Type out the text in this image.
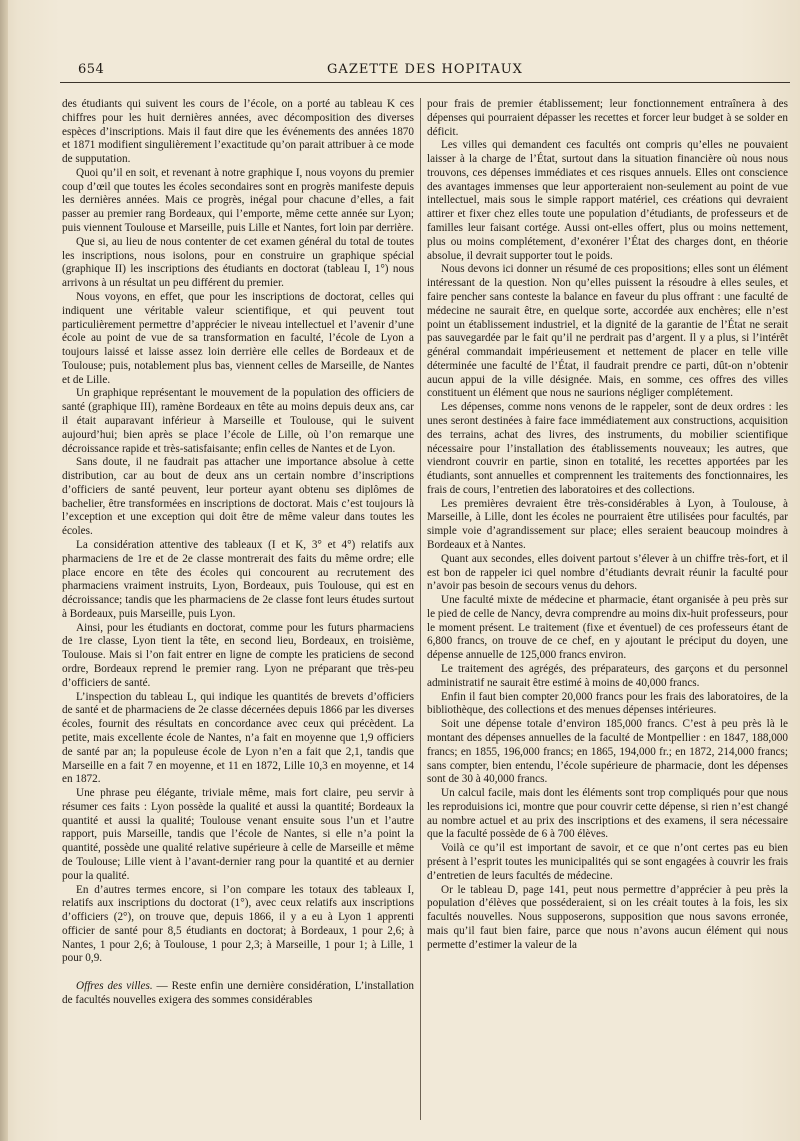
654	GAZETTE DES HOPITAUX

des étudiants qui suivent les cours de l’école, on a porté au tableau K ces chiffres pour les huit dernières années, avec décomposition des diverses espèces d’inscriptions. Mais il faut dire que les événements des années 1870 et 1871 modifient singulièrement l’exactitude qu’on parait attribuer à ce mode de supputation.

Quoi qu’il en soit, et revenant à notre graphique I, nous voyons du premier coup d’œil que toutes les écoles secondaires sont en progrès manifeste depuis les dernières années. Mais ce progrès, inégal pour chacune d’elles, a fait passer au premier rang Bordeaux, qui l’emporte, même cette année sur Lyon; puis viennent Toulouse et Marseille, puis Lille et Nantes, fort loin par derrière.

Que si, au lieu de nous contenter de cet examen général du total de toutes les inscriptions, nous isolons, pour en construire un graphique spécial (graphique II) les inscriptions des étudiants en doctorat (tableau I, 1°) nous arrivons à un résultat un peu différent du premier.

Nous voyons, en effet, que pour les inscriptions de doctorat, celles qui indiquent une véritable valeur scientifique, et qui peuvent tout particulièrement permettre d’apprécier le niveau intellectuel et l’avenir d’une école au point de vue de sa transformation en faculté, l’école de Lyon a toujours laissé et laisse assez loin derrière elle celles de Bordeaux et de Toulouse; puis, notablement plus bas, viennent celles de Marseille, de Nantes et de Lille.

Un graphique représentant le mouvement de la population des officiers de santé (graphique III), ramène Bordeaux en tête au moins depuis deux ans, car il était auparavant inférieur à Marseille et Toulouse, qui le suivent aujourd’hui; bien après se place l’école de Lille, où l’on remarque une décroissance rapide et très-satisfaisante; enfin celles de Nantes et de Lyon.

Sans doute, il ne faudrait pas attacher une importance absolue à cette distribution, car au bout de deux ans un certain nombre d’inscriptions d’officiers de santé peuvent, leur porteur ayant obtenu ses diplômes de bachelier, être transformées en inscriptions de doctorat. Mais c’est toujours là l’exception et une exception qui doit être de même valeur dans toutes les écoles.

La considération attentive des tableaux (I et K, 3° et 4°) relatifs aux pharmaciens de 1re et de 2e classe montrerait des faits du même ordre; elle place encore en tête des écoles qui concourent au recrutement des pharmaciens vraiment instruits, Lyon, Bordeaux, puis Toulouse, qui est en décroissance; tandis que les pharmaciens de 2e classe font leurs études surtout à Bordeaux, puis Marseille, puis Lyon.

Ainsi, pour les étudiants en doctorat, comme pour les futurs pharmaciens de 1re classe, Lyon tient la tête, en second lieu, Bordeaux, en troisième, Toulouse. Mais si l’on fait entrer en ligne de compte les praticiens de second ordre, Bordeaux reprend le premier rang. Lyon ne préparant que très-peu d’officiers de santé.

L’inspection du tableau L, qui indique les quantités de brevets d’officiers de santé et de pharmaciens de 2e classe décernées depuis 1866 par les diverses écoles, fournit des résultats en concordance avec ceux qui précèdent. La petite, mais excellente école de Nantes, n’a fait en moyenne que 1,9 officiers de santé par an; la populeuse école de Lyon n’en a fait que 2,1, tandis que Marseille en a fait 7 en moyenne, et 11 en 1872, Lille 10,3 en moyenne, et 14 en 1872.

Une phrase peu élégante, triviale même, mais fort claire, peu servir à résumer ces faits : Lyon possède la qualité et aussi la quantité; Bordeaux la quantité et aussi la qualité; Toulouse venant ensuite sous l’un et l’autre rapport, puis Marseille, tandis que l’école de Nantes, si elle n’a point la quantité, possède une qualité relative supérieure à celle de Marseille et même de Toulouse; Lille vient à l’avant-dernier rang pour la quantité et au dernier pour la qualité.

En d’autres termes encore, si l’on compare les totaux des tableaux I, relatifs aux inscriptions du doctorat (1°), avec ceux relatifs aux inscriptions d’officiers (2°), on trouve que, depuis 1866, il y a eu à Lyon 1 apprenti officier de santé pour 8,5 étudiants en doctorat; à Bordeaux, 1 pour 2,6; à Nantes, 1 pour 2,6; à Toulouse, 1 pour 2,3; à Marseille, 1 pour 1; à Lille, 1 pour 0,9.

Offres des villes. — Reste enfin une dernière considération, L’installation de facultés nouvelles exigera des sommes considérables

pour frais de premier établissement; leur fonctionnement entraînera à des dépenses qui pourraient dépasser les recettes et forcer leur budget à se solder en déficit.

Les villes qui demandent ces facultés ont compris qu’elles ne pouvaient laisser à la charge de l’État, surtout dans la situation financière où nous nous trouvons, ces dépenses immédiates et ces risques annuels. Elles ont conscience des avantages immenses que leur apporteraient non-seulement au point de vue intellectuel, mais sous le simple rapport matériel, ces créations qui devraient attirer et fixer chez elles toute une population d’étudiants, de professeurs et de familles leur faisant cortége. Aussi ont-elles offert, plus ou moins nettement, plus ou moins complétement, d’exonérer l’État des charges dont, en théorie absolue, il devrait supporter tout le poids.

Nous devons ici donner un résumé de ces propositions; elles sont un élément intéressant de la question. Non qu’elles puissent la résoudre à elles seules, et faire pencher sans conteste la balance en faveur du plus offrant : une faculté de médecine ne saurait être, en quelque sorte, accordée aux enchères; elle n’est point un établissement industriel, et la dignité de la garantie de l’État ne serait pas sauvegardée par le fait qu’il ne perdrait pas d’argent. Il y a plus, si l’intérêt général commandait impérieusement et nettement de placer en telle ville déterminée une faculté de l’État, il faudrait prendre ce parti, dût-on n’obtenir aucun appui de la ville désignée. Mais, en somme, ces offres des villes constituent un élément que nous ne saurions négliger complétement.

Les dépenses, comme nons venons de le rappeler, sont de deux ordres : les unes seront destinées à faire face immédiatement aux constructions, acquisition des terrains, achat des livres, des instruments, du mobilier scientifique nécessaire pour l’installation des établissements nouveaux; les autres, que viendront couvrir en partie, sinon en totalité, les recettes apportées par les étudiants, sont annuelles et comprennent les traitements des fonctionnaires, les frais de cours, l’entretien des laboratoires et des collections.

Les premières devraient être très-considérables à Lyon, à Toulouse, à Marseille, à Lille, dont les écoles ne pourraient être utilisées pour facultés, par simple voie d’agrandissement sur place; elles seraient beaucoup moindres à Bordeaux et à Nantes.

Quant aux secondes, elles doivent partout s’élever à un chiffre très-fort, et il est bon de rappeler ici quel nombre d’étudiants devrait réunir la faculté pour n’avoir pas besoin de secours venus du dehors.

Une faculté mixte de médecine et pharmacie, étant organisée à peu près sur le pied de celle de Nancy, devra comprendre au moins dix-huit professeurs, pour le moment présent. Le traitement (fixe et éventuel) de ces professeurs étant de 6,800 francs, on trouve de ce chef, en y ajoutant le préciput du doyen, une dépense annuelle de 125,000 francs environ.

Le traitement des agrégés, des préparateurs, des garçons et du personnel administratif ne saurait être estimé à moins de 40,000 francs.

Enfin il faut bien compter 20,000 francs pour les frais des laboratoires, de la bibliothèque, des collections et des menues dépenses intérieures.

Soit une dépense totale d’environ 185,000 francs. C’est à peu près là le montant des dépenses annuelles de la faculté de Montpellier : en 1847, 188,000 francs; en 1855, 196,000 francs; en 1865, 194,000 fr.; en 1872, 214,000 francs; sans compter, bien entendu, l’école supérieure de pharmacie, dont les dépenses sont de 30 à 40,000 francs.

Un calcul facile, mais dont les éléments sont trop compliqués pour que nous les reproduisions ici, montre que pour couvrir cette dépense, si rien n’est changé au nombre actuel et au prix des inscriptions et des examens, il sera nécessaire que la faculté possède de 6 à 700 élèves.

Voilà ce qu’il est important de savoir, et ce que n’ont certes pas eu bien présent à l’esprit toutes les municipalités qui se sont engagées à couvrir les frais d’entretien de leurs facultés de médecine.

Or le tableau D, page 141, peut nous permettre d’apprécier à peu près la population d’élèves que posséderaient, si on les créait toutes à la fois, les six facultés nouvelles. Nous supposerons, supposition que nous savons erronée, mais qu’il faut bien faire, parce que nous n’avons aucun élément qui nous permette d’estimer la valeur de la
